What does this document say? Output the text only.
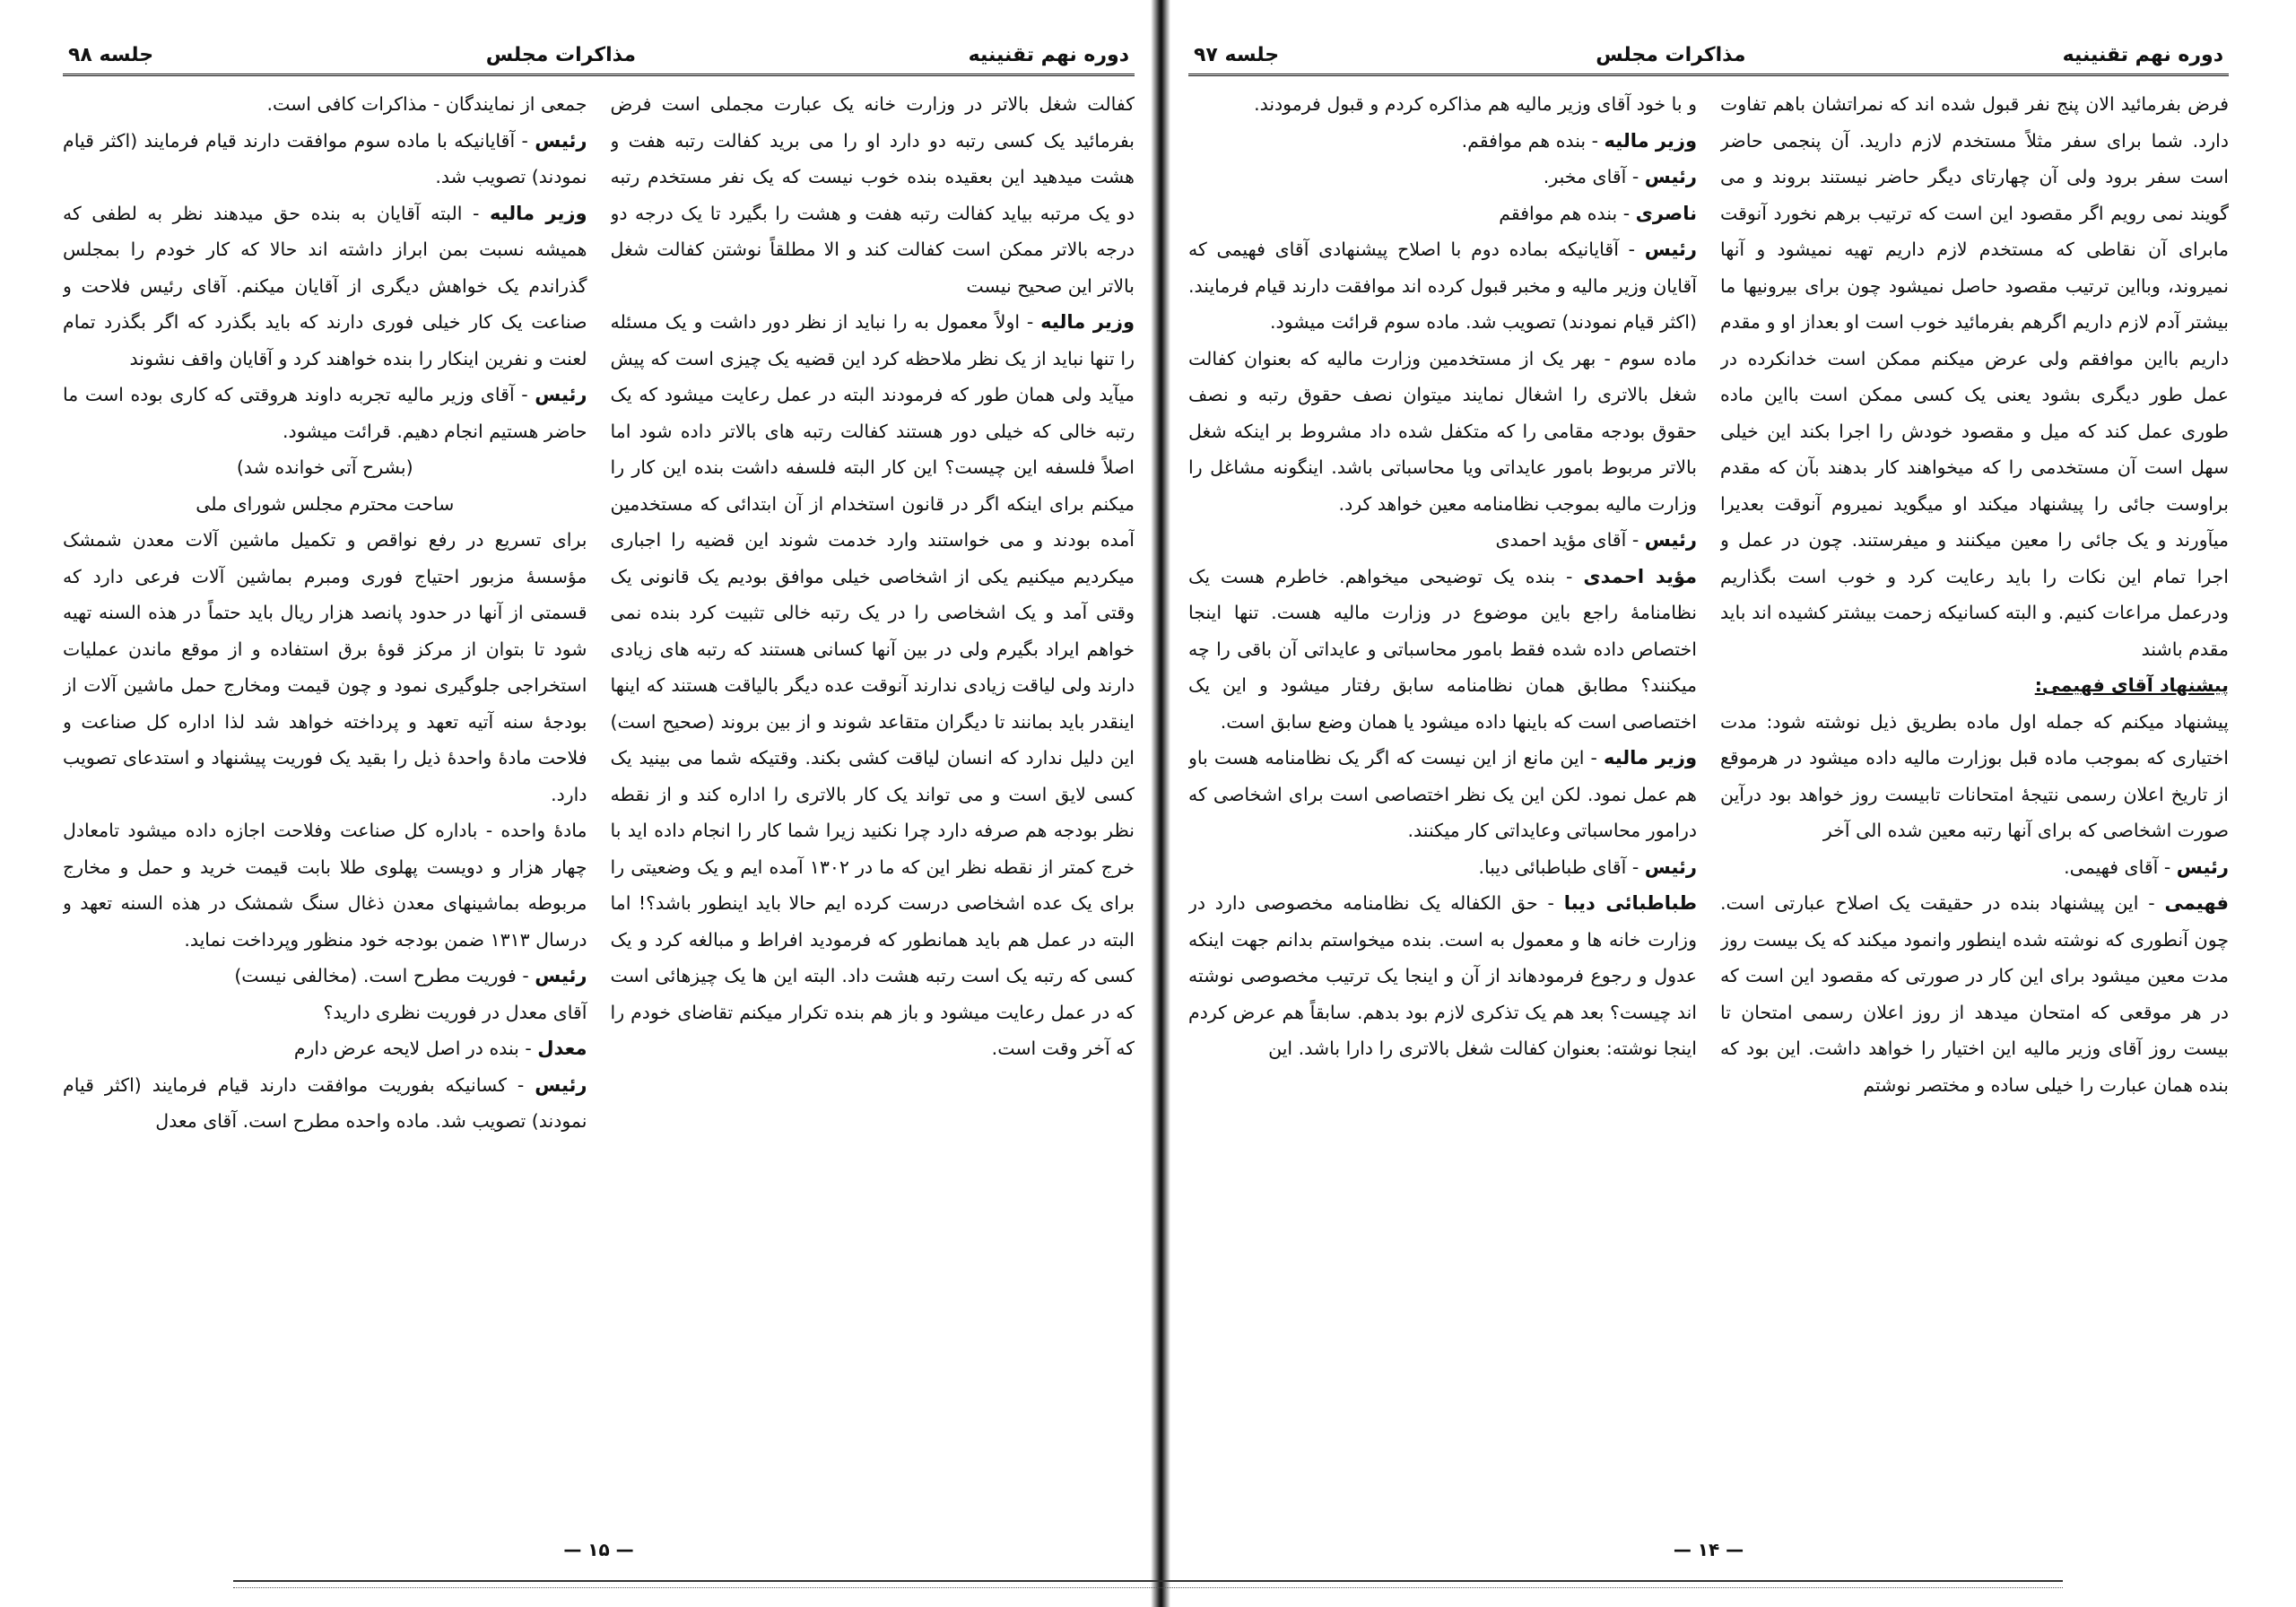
دوره نهم تقنینیه
مذاکرات مجلس
جلسه ۹۸

کفالت شغل بالاتر در وزارت خانه یک عبارت مجملی است فرض بفرمائید یک کسی رتبه دو دارد او را می برید کفالت رتبه هفت و هشت میدهید این بعقیده بنده خوب نیست که یک نفر مستخدم رتبه دو یک مرتبه بیاید کفالت رتبه هفت و هشت را بگیرد تا یک درجه دو درجه بالاتر ممکن است کفالت کند و الا مطلقاً نوشتن کفالت شغل بالاتر این صحیح نیست

وزیر مالیه - اولاً معمول به را نباید از نظر دور داشت و یک مسئله را تنها نباید از یک نظر ملاحظه کرد این قضیه یک چیزی است که پیش میآید ولی همان طور که فرمودند البته در عمل رعایت میشود که یک رتبه خالی که خیلی دور هستند کفالت رتبه های بالاتر داده شود اما اصلاً فلسفه این چیست؟ این کار البته فلسفه داشت بنده این کار را میکنم برای اینکه اگر در قانون استخدام از آن ابتدائی که مستخدمین آمده بودند و می خواستند وارد خدمت شوند این قضیه را اجباری میکردیم میکنیم یکی از اشخاصی خیلی موافق بودیم یک قانونی یک وقتی آمد و یک اشخاصی را در یک رتبه خالی تثبیت کرد بنده نمی خواهم ایراد بگیرم ولی در بین آنها کسانی هستند که رتبه های زیادی دارند ولی لیاقت زیادی ندارند آنوقت عده دیگر بالیاقت هستند که اینها اینقدر باید بمانند تا دیگران متقاعد شوند و از بین بروند (صحیح است) این دلیل ندارد که انسان لیاقت کشی بکند. وقتیکه شما می بینید یک کسی لایق است و می تواند یک کار بالاتری را اداره کند و از نقطه نظر بودجه هم صرفه دارد چرا نکنید زیرا شما کار را انجام داده اید با خرج کمتر از نقطه نظر این که ما در ۱۳۰۲ آمده ایم و یک وضعیتی را برای یک عده اشخاصی درست کرده ایم حالا باید اینطور باشد؟! اما البته در عمل هم باید همانطور که فرمودید افراط و مبالغه کرد و یک کسی که رتبه یک است رتبه هشت داد. البته این ها یک چیزهائی است که در عمل رعایت میشود و باز هم بنده تکرار میکنم تقاضای خودم را که آخر وقت است.

جمعی از نمایندگان - مذاکرات کافی است.

رئیس - آقایانیکه با ماده سوم موافقت دارند قیام فرمایند (اکثر قیام نمودند) تصویب شد.

وزیر مالیه - البته آقایان به بنده حق میدهند نظر به لطفی که همیشه نسبت بمن ابراز داشته اند حالا که کار خودم را بمجلس گذراندم یک خواهش دیگری از آقایان میکنم. آقای رئیس فلاحت و صناعت یک کار خیلی فوری دارند که باید بگذرد که اگر بگذرد تمام لعنت و نفرین اینکار را بنده خواهند کرد و آقایان واقف نشوند

رئیس - آقای وزیر مالیه تجربه داوند هروقتی که کاری بوده است ما حاضر هستیم انجام دهیم. قرائت میشود.

(بشرح آتی خوانده شد)

ساحت محترم مجلس شورای ملی

برای تسریع در رفع نواقص و تکمیل ماشین آلات معدن شمشک مؤسسهٔ مزبور احتیاج فوری ومبرم بماشین آلات فرعی دارد که قسمتی از آنها در حدود پانصد هزار ریال باید حتماً در هذه السنه تهیه شود تا بتوان از مرکز قوهٔ برق استفاده و از موقع ماندن عملیات استخراجی جلوگیری نمود و چون قیمت ومخارج حمل ماشین آلات از بودجهٔ سنه آتیه تعهد و پرداخته خواهد شد لذا اداره کل صناعت و فلاحت مادهٔ واحدهٔ ذیل را بقید یک فوریت پیشنهاد و استدعای تصویب دارد.

مادهٔ واحده - باداره کل صناعت وفلاحت اجازه داده میشود تامعادل چهار هزار و دویست پهلوی طلا بابت قیمت خرید و حمل و مخارج مربوطه بماشینهای معدن ذغال سنگ شمشک در هذه السنه تعهد و درسال ۱۳۱۳ ضمن بودجه خود منظور وپرداخت نماید.

رئیس - فوریت مطرح است. (مخالفی نیست)

آقای معدل در فوریت نظری دارید؟

معدل - بنده در اصل لایحه عرض دارم

رئیس - کسانیکه بفوریت موافقت دارند قیام فرمایند (اکثر قیام نمودند) تصویب شد. ماده واحده مطرح است. آقای معدل

— ۱۵ —
دوره نهم تقنینیه
مذاکرات مجلس
جلسه ۹۷

فرض بفرمائید الان پنج نفر قبول شده اند که نمراتشان باهم تفاوت دارد. شما برای سفر مثلاً مستخدم لازم دارید. آن پنجمی حاضر است سفر برود ولی آن چهارتای دیگر حاضر نیستند بروند و می گویند نمی رویم اگر مقصود این است که ترتیب برهم نخورد آنوقت مابرای آن نقاطی که مستخدم لازم داریم تهیه نمیشود و آنها نمیروند، وبااین ترتیب مقصود حاصل نمیشود چون برای بیرونیها ما بیشتر آدم لازم داریم اگرهم بفرمائید خوب است او بعداز او و مقدم داریم بااین موافقم ولی عرض میکنم ممکن است خدانکرده در عمل طور دیگری بشود یعنی یک کسی ممکن است بااین ماده طوری عمل کند که میل و مقصود خودش را اجرا بکند این خیلی سهل است آن مستخدمی را که میخواهند کار بدهند بآن که مقدم براوست جائی را پیشنهاد میکند او میگوید نمیروم آنوقت بعدیرا میآورند و یک جائی را معین میکنند و میفرستند. چون در عمل و اجرا تمام این نکات را باید رعایت کرد و خوب است بگذاریم ودرعمل مراعات کنیم. و البته کسانیکه زحمت بیشتر کشیده اند باید مقدم باشند

پیشنهاد آقای فهیمی:

پیشنهاد میکنم که جمله اول ماده بطریق ذیل نوشته شود: مدت اختیاری که بموجب ماده قبل بوزارت مالیه داده میشود در هرموقع از تاریخ اعلان رسمی نتیجهٔ امتحانات تابیست روز خواهد بود درآین صورت اشخاصی که برای آنها رتبه معین شده الی آخر

رئیس - آقای فهیمی.

فهیمی - این پیشنهاد بنده در حقیقت یک اصلاح عبارتی است. چون آنطوری که نوشته شده اینطور وانمود میکند که یک بیست روز مدت معین میشود برای این کار در صورتی که مقصود این است که در هر موقعی که امتحان میدهد از روز اعلان رسمی امتحان تا بیست روز آقای وزیر مالیه این اختیار را خواهد داشت. این بود که بنده همان عبارت را خیلی ساده و مختصر نوشتم

و با خود آقای وزیر مالیه هم مذاکره کردم و قبول فرمودند.

وزیر مالیه - بنده هم موافقم.

رئیس - آقای مخبر.

ناصری - بنده هم موافقم

رئیس - آقایانیکه بماده دوم با اصلاح پیشنهادی آقای فهیمی که آقایان وزیر مالیه و مخبر قبول کرده اند موافقت دارند قیام فرمایند. (اکثر قیام نمودند) تصویب شد. ماده سوم قرائت میشود.

ماده سوم - بهر یک از مستخدمین وزارت مالیه که بعنوان کفالت شغل بالاتری را اشغال نمایند میتوان نصف حقوق رتبه و نصف حقوق بودجه مقامی را که متکفل شده داد مشروط بر اینکه شغل بالاتر مربوط بامور عایداتی ویا محاسباتی باشد. اینگونه مشاغل را وزارت مالیه بموجب نظامنامه معین خواهد کرد.

رئیس - آقای مؤید احمدی

مؤید احمدی - بنده یک توضیحی میخواهم. خاطرم هست یک نظامنامهٔ راجع باین موضوع در وزارت مالیه هست. تنها اینجا اختصاص داده شده فقط بامور محاسباتی و عایداتی آن باقی را چه میکنند؟ مطابق همان نظامنامه سابق رفتار میشود و این یک اختصاصی است که باینها داده میشود یا همان وضع سابق است.

وزیر مالیه - این مانع از این نیست که اگر یک نظامنامه هست باو هم عمل نمود. لکن این یک نظر اختصاصی است برای اشخاصی که درامور محاسباتی وعایداتی کار میکنند.

رئیس - آقای طباطبائی دیبا.

طباطبائی دیبا - حق الکفاله یک نظامنامه مخصوصی دارد در وزارت خانه ها و معمول به است. بنده میخواستم بدانم جهت اینکه عدول و رجوع فرمودهاند از آن و اینجا یک ترتیب مخصوصی نوشته اند چیست؟ بعد هم یک تذکری لازم بود بدهم. سابقاً هم عرض کردم اینجا نوشته: بعنوان کفالت شغل بالاتری را دارا باشد. این

— ۱۴ —
